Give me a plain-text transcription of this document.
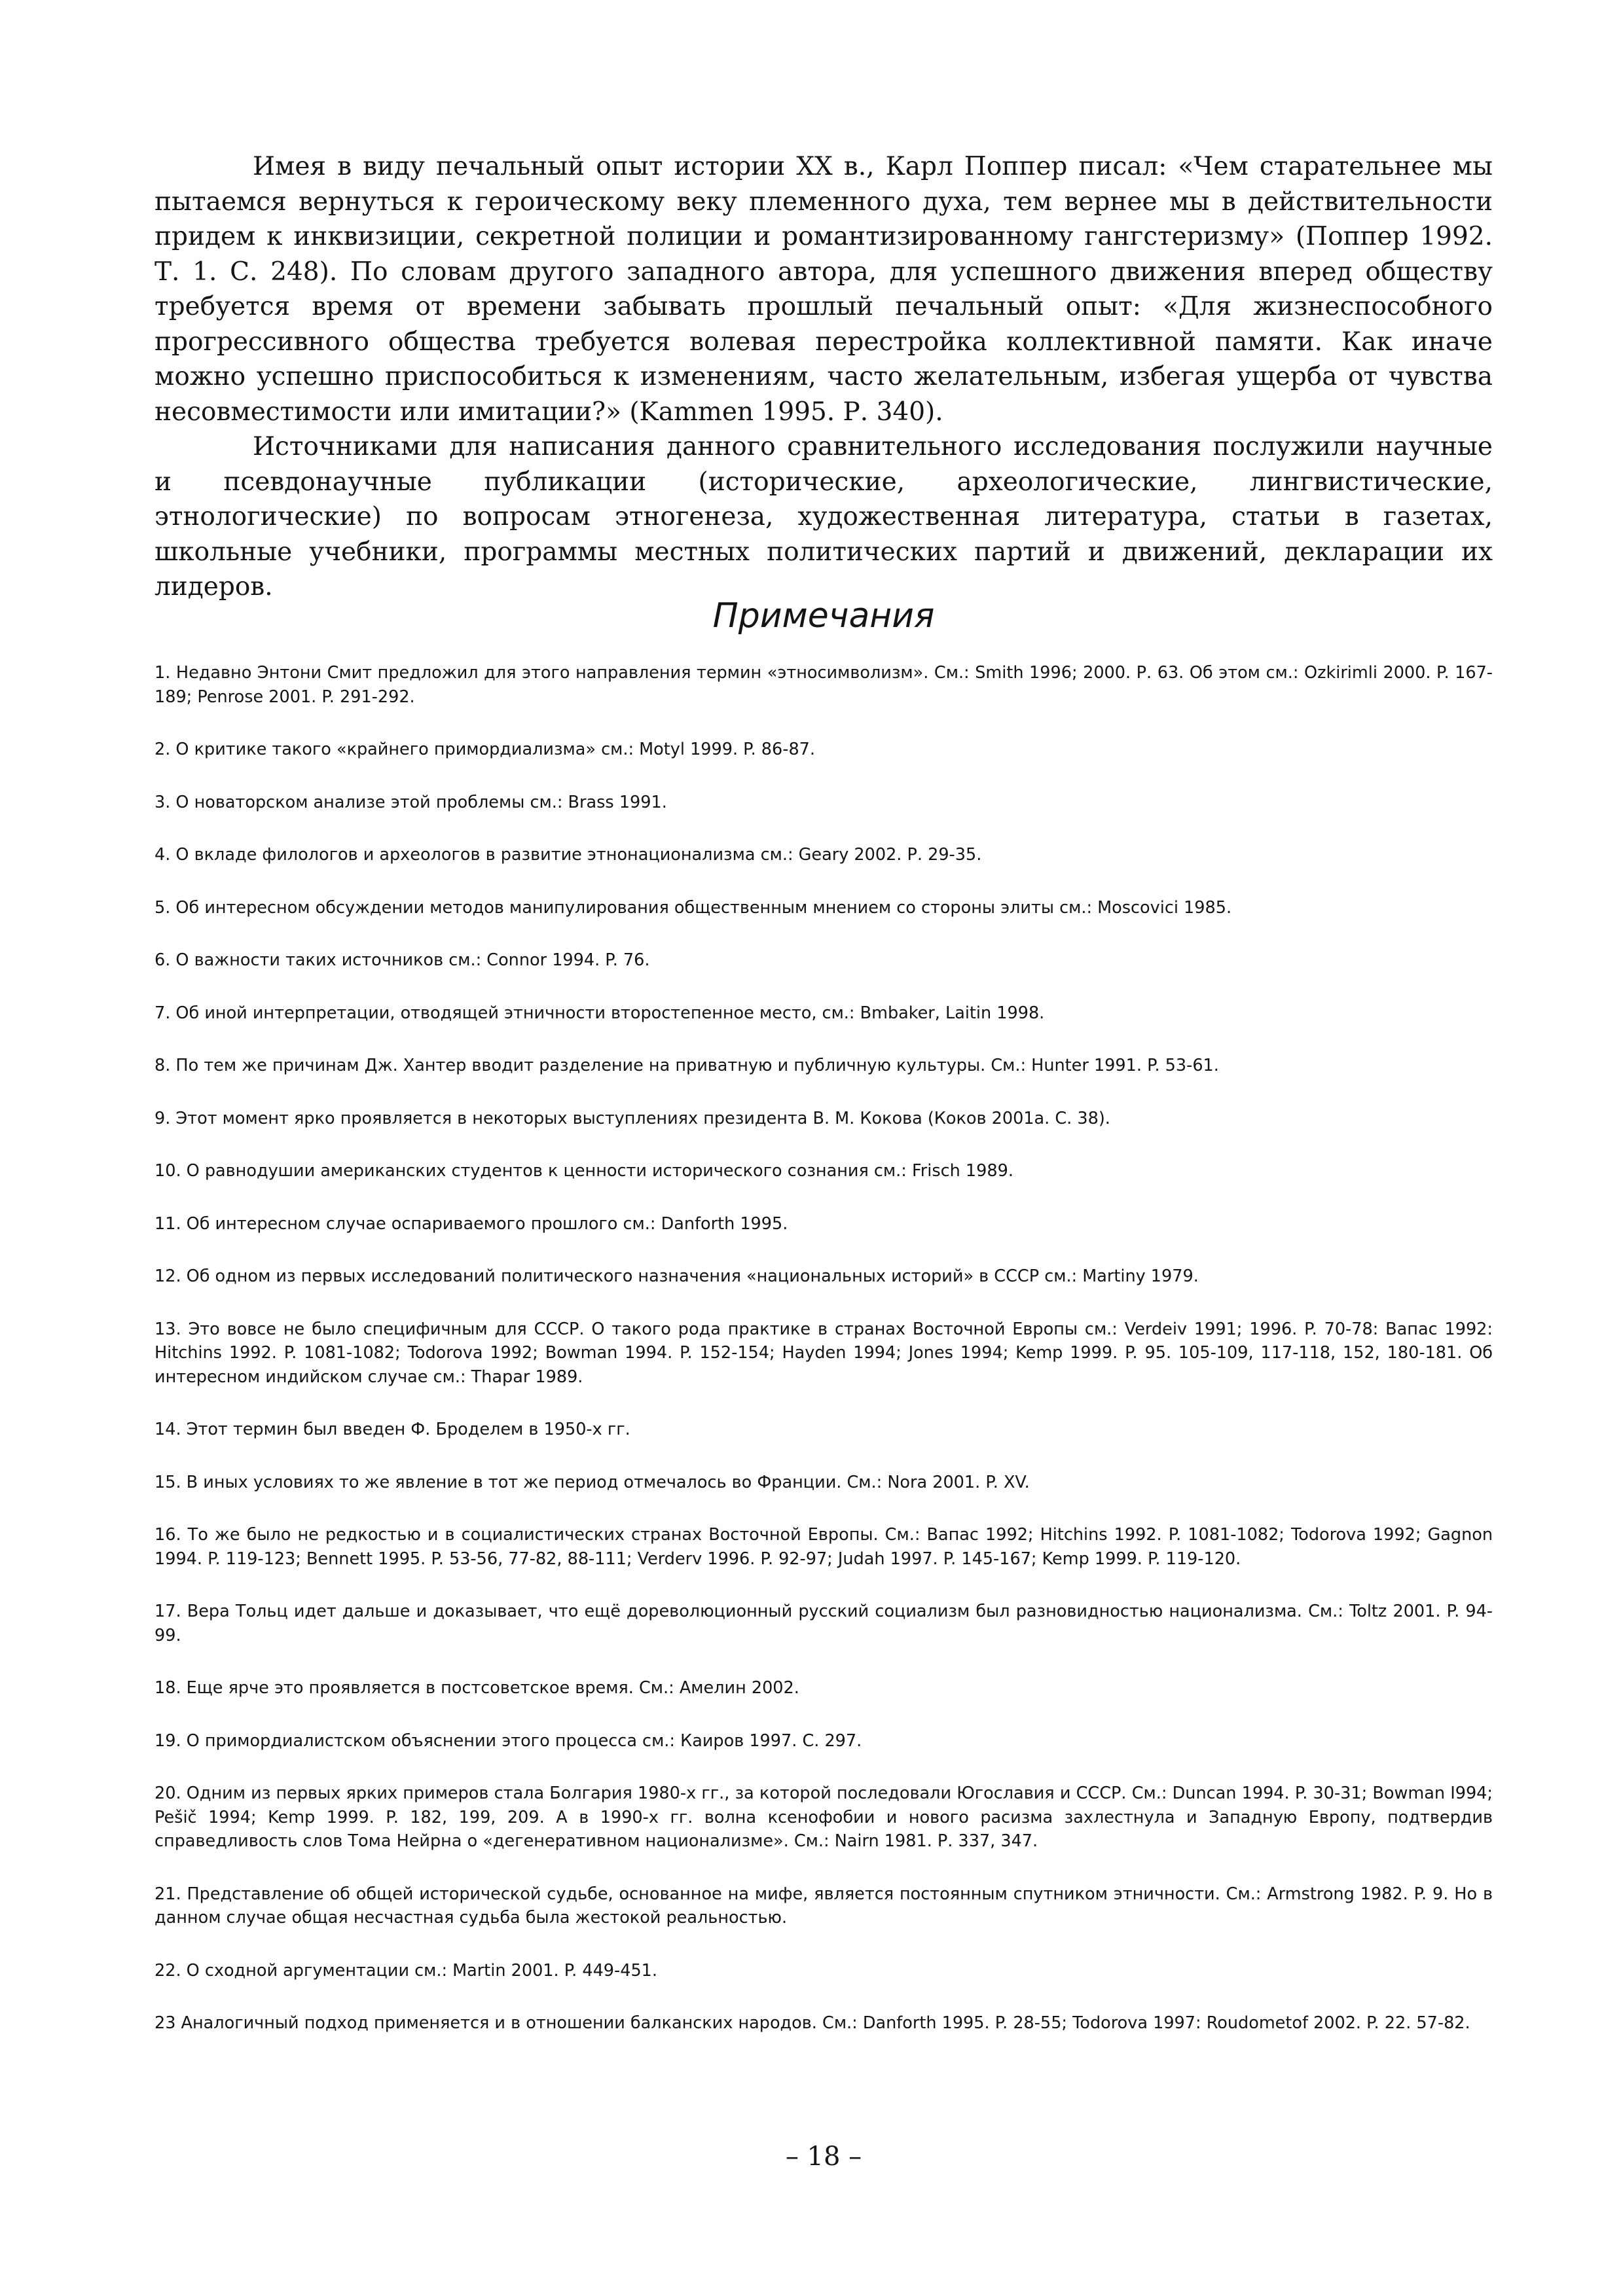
Имея в виду печальный опыт истории XX в., Карл Поппер писал: «Чем старательнее мы пытаемся вернуться к героическому веку племенного духа, тем вернее мы в действительности придем к инквизиции, секретной полиции и романтизированному гангстеризму» (Поппер 1992. Т. 1. С. 248). По словам другого западного автора, для успешного движения вперед обществу требуется время от времени забывать прошлый печальный опыт: «Для жизнеспособного прогрессивного общества требуется волевая перестройка коллективной памяти. Как иначе можно успешно приспособиться к изменениям, часто желательным, избегая ущерба от чувства несовместимости или имитации?» (Kammen 1995. Р. 340).

Источниками для написания данного сравнительного исследования послужили научные и псевдонаучные публикации (исторические, археологические, лингвистические, этнологические) по вопросам этногенеза, художественная литература, статьи в газетах, школьные учебники, программы местных политических партий и движений, декларации их лидеров.

Примечания
1. Недавно Энтони Смит предложил для этого направления термин «этносимволизм». См.: Smith 1996; 2000. Р. 63. Об этом см.: Ozkirimli 2000. P. 167-189; Penrose 2001. P. 291-292.
2. О критике такого «крайнего примордиализма» см.: Motyl 1999. P. 86-87.
3. О новаторском анализе этой проблемы см.: Brass 1991.
4. О вкладе филологов и археологов в развитие этнонационализма см.: Geary 2002. Р. 29-35.
5. Об интересном обсуждении методов манипулирования общественным мнением со стороны элиты см.: Moscovici 1985.
6. О важности таких источников см.: Connor 1994. P. 76.
7. Об иной интерпретации, отводящей этничности второстепенное место, см.: Bmbaker, Laitin 1998.
8. По тем же причинам Дж. Хантер вводит разделение на приватную и публичную культуры. См.: Hunter 1991. P. 53-61.
9. Этот момент ярко проявляется в некоторых выступлениях президента В. М. Кокова (Коков 2001а. С. 38).
10. О равнодушии американских студентов к ценности исторического сознания см.: Frisch 1989.
11. Об интересном случае оспариваемого прошлого см.: Danforth 1995.
12. Об одном из первых исследований политического назначения «национальных историй» в СССР см.: Martiny 1979.
13. Это вовсе не было специфичным для СССР. О такого рода практике в странах Восточной Европы см.: Verdeiv 1991; 1996. P. 70-78: Вапас 1992: Hitchins 1992. P. 1081-1082; Todorova 1992; Bowman 1994. P. 152-154; Hayden 1994; Jones 1994; Kemp 1999. P. 95. 105-109, 117-118, 152, 180-181. Об интересном индийском случае см.: Thapar 1989.
14. Этот термин был введен Ф. Броделем в 1950-х гг.
15. В иных условиях то же явление в тот же период отмечалось во Франции. См.: Nora 2001. P. XV.
16. То же было не редкостью и в социалистических странах Восточной Европы. См.: Вапас 1992; Hitchins 1992. P. 1081-1082; Todorova 1992; Gagnon 1994. P. 119-123; Bennett 1995. P. 53-56, 77-82, 88-111; Verderv 1996. P. 92-97; Judah 1997. P. 145-167; Kemp 1999. P. 119-120.
17. Вера Тольц идет дальше и доказывает, что ещё дореволюционный русский социализм был разновидностью национализма. См.: Toltz 2001. P. 94-99.
18. Еще ярче это проявляется в постсоветское время. См.: Амелин 2002.
19. О примордиалистском объяснении этого процесса см.: Каиров 1997. С. 297.
20. Одним из первых ярких примеров стала Болгария 1980-х гг., за которой последовали Югославия и СССР. См.: Duncan 1994. P. 30-31; Bowman I994; Pešič 1994; Kemp 1999. P. 182, 199, 209. А в 1990-х гг. волна ксенофобии и нового расизма захлестнула и Западную Европу, подтвердив справедливость слов Тома Нейрна о «дегенеративном национализме». См.: Nairn 1981. Р. 337, 347.
21. Представление об общей исторической судьбе, основанное на мифе, является постоянным спутником этничности. См.: Armstrong 1982. P. 9. Но в данном случае общая несчастная судьба была жестокой реальностью.
22. О сходной аргументации см.: Martin 2001. P. 449-451.
23 Аналогичный подход применяется и в отношении балканских народов. См.: Danforth 1995. P. 28-55; Todorova 1997: Roudometof 2002. P. 22. 57-82.
– 18 –
